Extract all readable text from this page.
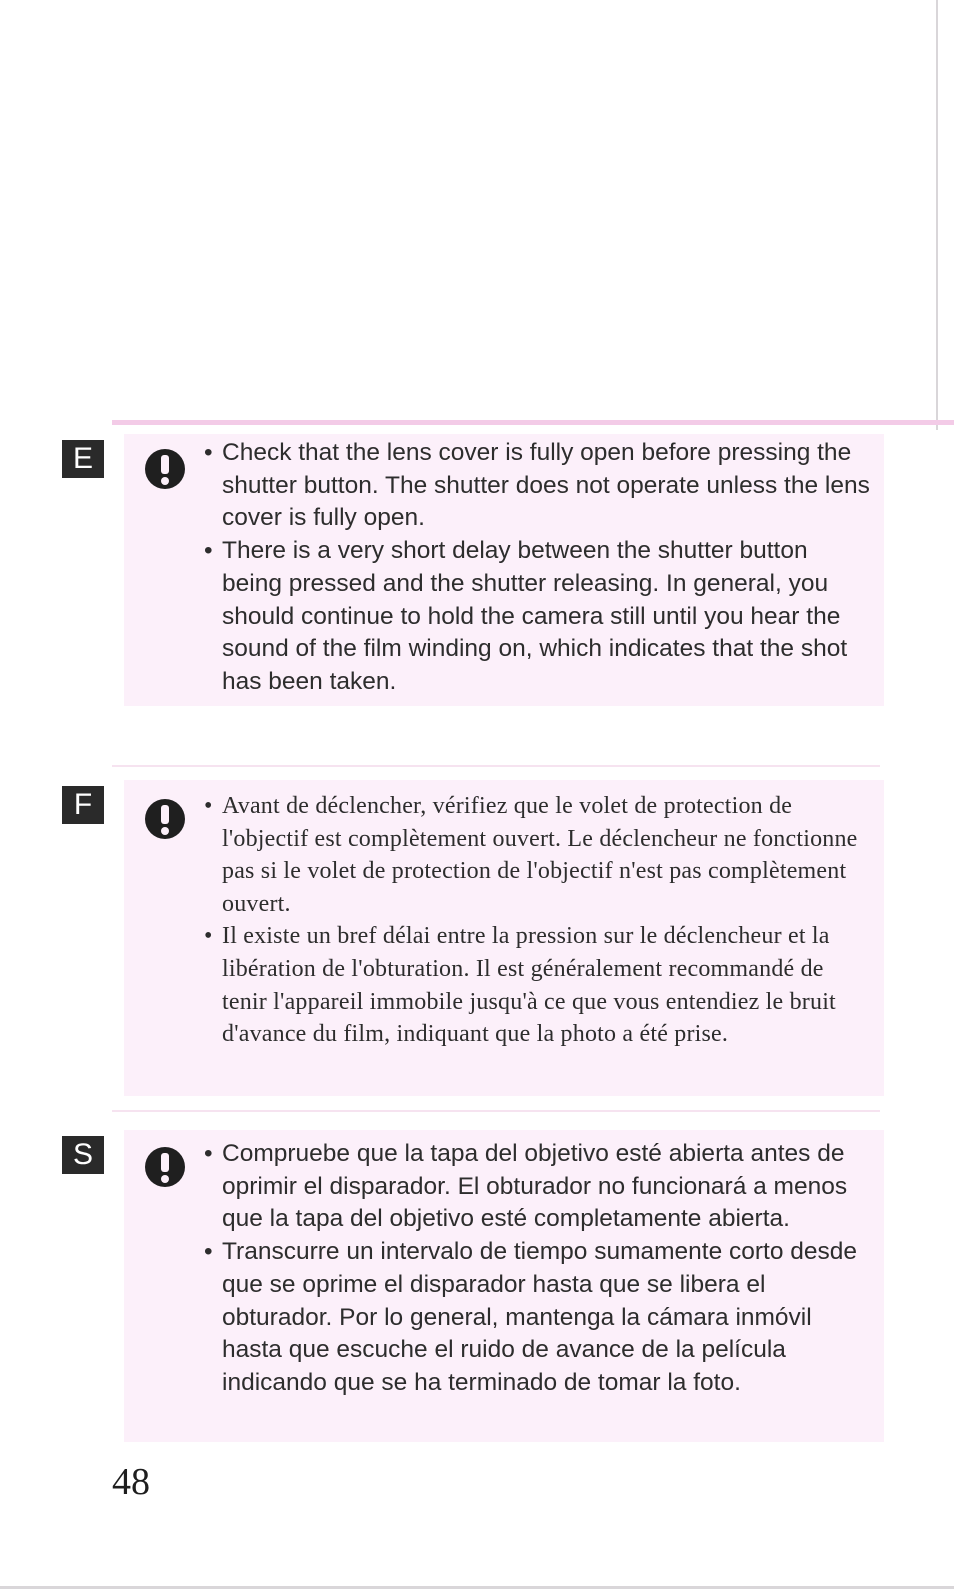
E	• Check that the lens cover is fully open before pressing the shutter button. The shutter does not operate unless the lens cover is fully open.
• There is a very short delay between the shutter button being pressed and the shutter releasing. In general, you should continue to hold the camera still until you hear the sound of the film winding on, which indicates that the shot has been taken.
F	• Avant de déclencher, vérifiez que le volet de protection de l'objectif est complètement ouvert. Le déclencheur ne fonctionne pas si le volet de protection de l'objectif n'est pas complètement ouvert.
• Il existe un bref délai entre la pression sur le déclencheur et la libération de l'obturation. Il est généralement recommandé de tenir l'appareil immobile jusqu'à ce que vous entendiez le bruit d'avance du film, indiquant que la photo a été prise.
S	• Compruebe que la tapa del objetivo esté abierta antes de oprimir el disparador. El obturador no funcionará a menos que la tapa del objetivo esté completamente abierta.
• Transcurre un intervalo de tiempo sumamente corto desde que se oprime el disparador hasta que se libera el obturador. Por lo general, mantenga la cámara inmóvil hasta que escuche el ruido de avance de la película indicando que se ha terminado de tomar la foto.
48
